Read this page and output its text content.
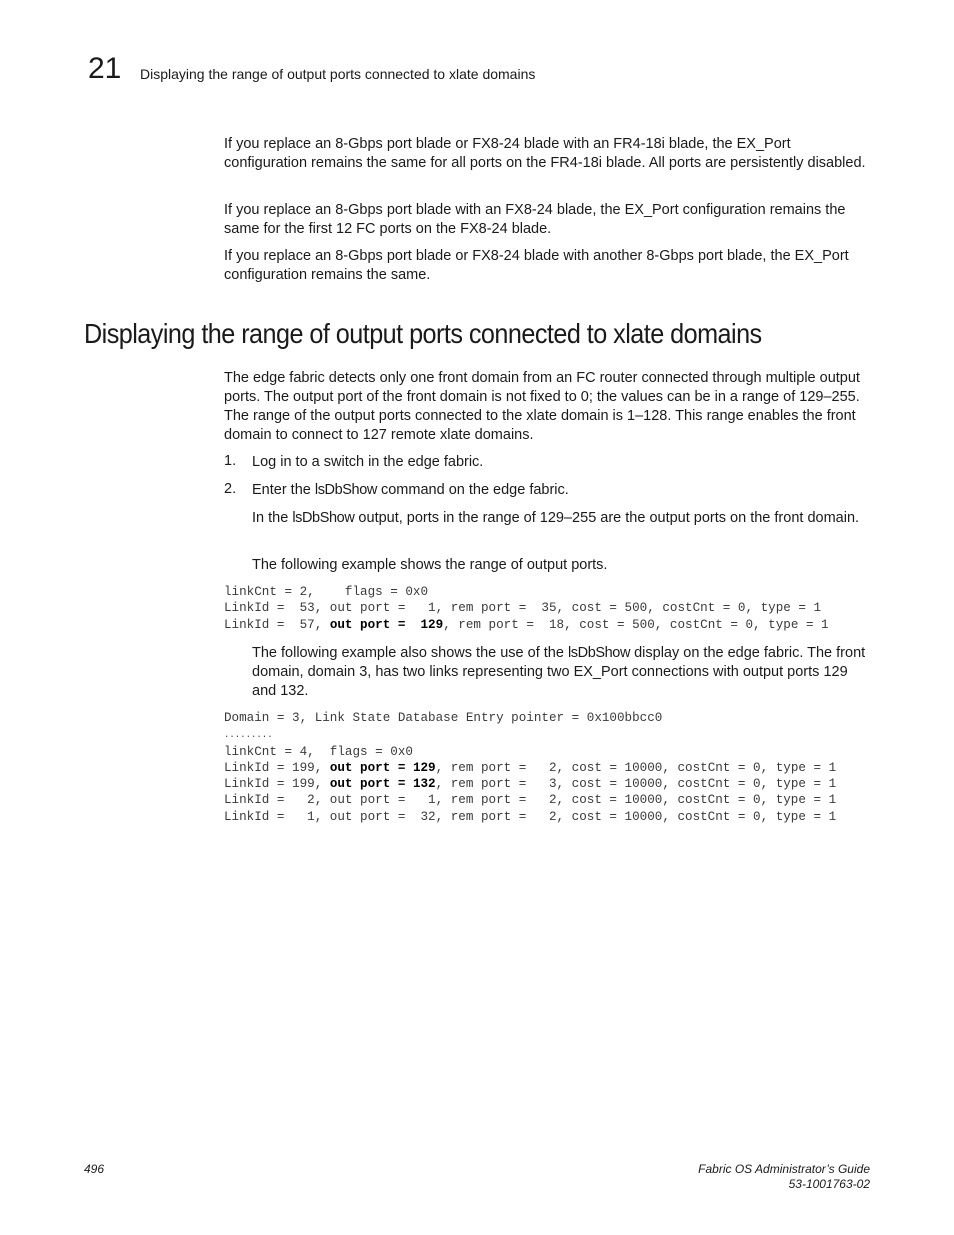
21 Displaying the range of output ports connected to xlate domains

If you replace an 8-Gbps port blade or FX8-24 blade with an FR4-18i blade, the EX_Port configuration remains the same for all ports on the FR4-18i blade. All ports are persistently disabled.

If you replace an 8-Gbps port blade with an FX8-24 blade, the EX_Port configuration remains the same for the first 12 FC ports on the FX8-24 blade.

If you replace an 8-Gbps port blade or FX8-24 blade with another 8-Gbps port blade, the EX_Port configuration remains the same.

Displaying the range of output ports connected to xlate domains

The edge fabric detects only one front domain from an FC router connected through multiple output ports. The output port of the front domain is not fixed to 0; the values can be in a range of 129–255. The range of the output ports connected to the xlate domain is 1–128. This range enables the front domain to connect to 127 remote xlate domains.

1. Log in to a switch in the edge fabric.

2. Enter the lsDbShow command on the edge fabric.

In the lsDbShow output, ports in the range of 129–255 are the output ports on the front domain.

The following example shows the range of output ports.

linkCnt = 2,    flags = 0x0
LinkId =  53, out port =   1, rem port =  35, cost = 500, costCnt = 0, type = 1
LinkId =  57, out port =  129, rem port =  18, cost = 500, costCnt = 0, type = 1

The following example also shows the use of the lsDbShow display on the edge fabric. The front domain, domain 3, has two links representing two EX_Port connections with output ports 129 and 132.

Domain = 3, Link State Database Entry pointer = 0x100bbcc0
.........
linkCnt = 4,  flags = 0x0
LinkId = 199, out port = 129, rem port =   2, cost = 10000, costCnt = 0, type = 1
LinkId = 199, out port = 132, rem port =   3, cost = 10000, costCnt = 0, type = 1
LinkId =   2, out port =   1, rem port =   2, cost = 10000, costCnt = 0, type = 1
LinkId =   1, out port =  32, rem port =   2, cost = 10000, costCnt = 0, type = 1
496	Fabric OS Administrator’s Guide
53-1001763-02
